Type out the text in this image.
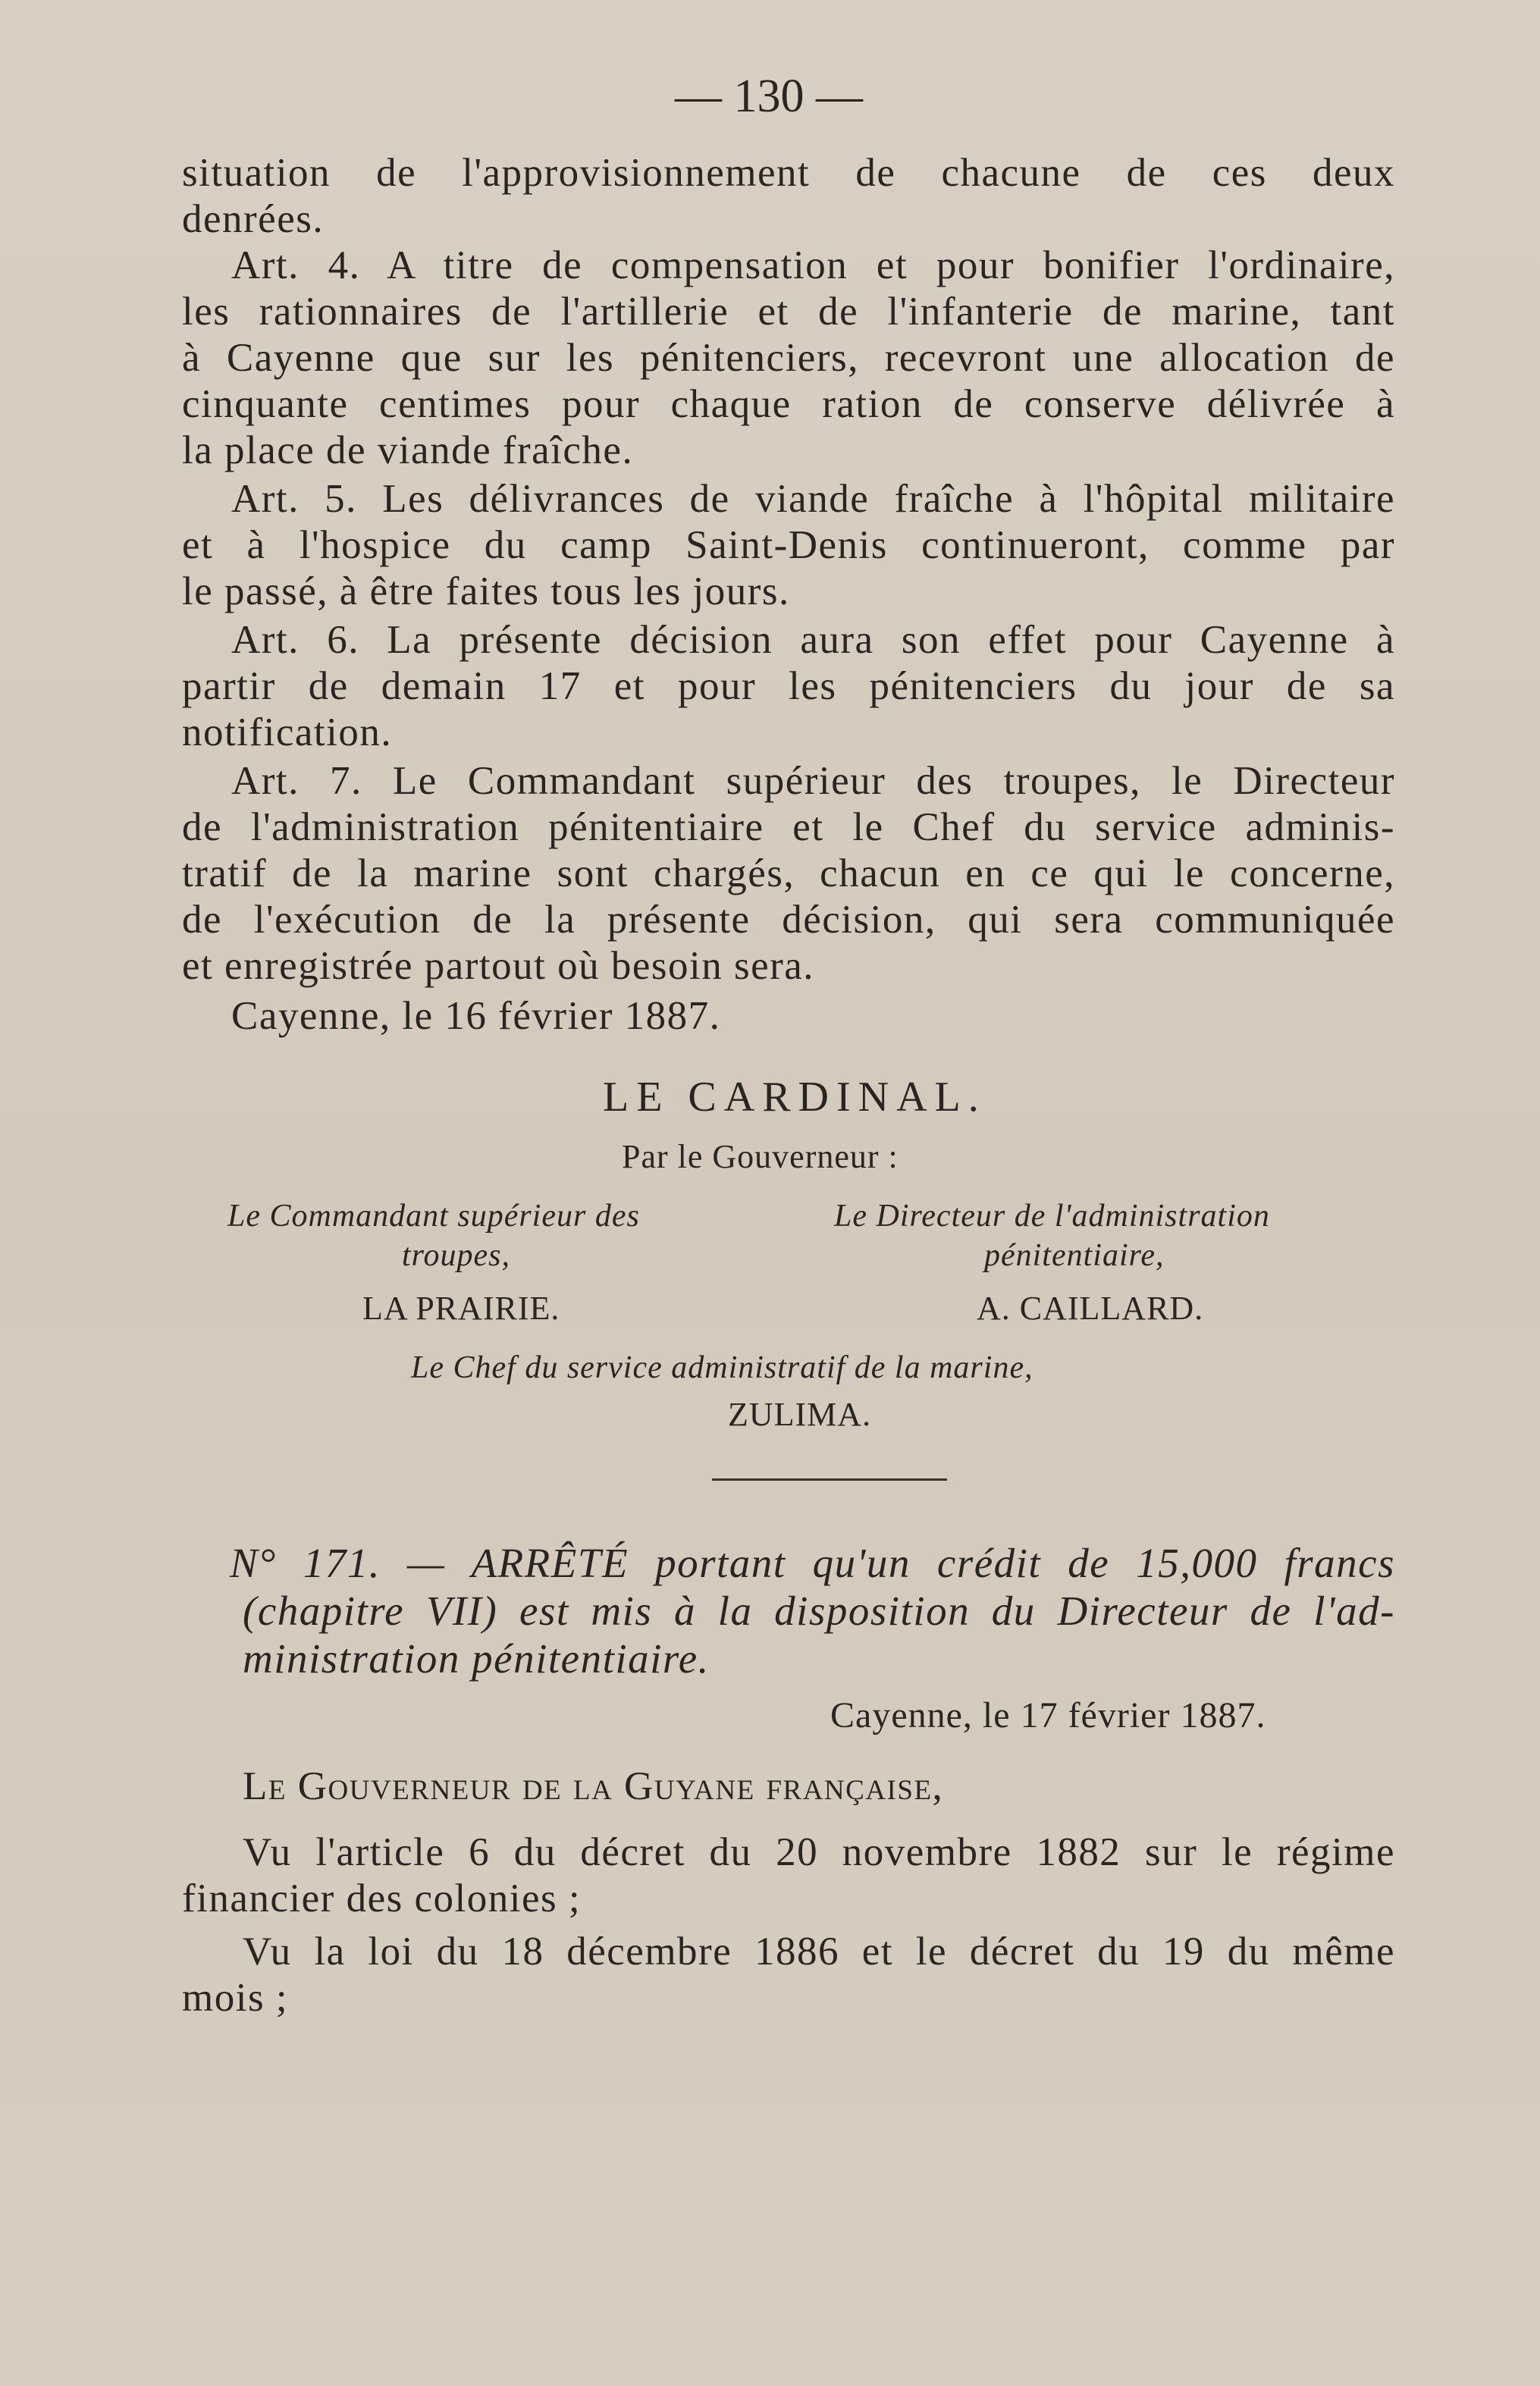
— 130 —
situation de l'approvisionnement de chacune de ces deux
denrées.
Art. 4. A titre de compensation et pour bonifier l'ordinaire,
les rationnaires de l'artillerie et de l'infanterie de marine, tant
à Cayenne que sur les pénitenciers, recevront une allocation de
cinquante centimes pour chaque ration de conserve délivrée à
la place de viande fraîche.
Art. 5. Les délivrances de viande fraîche à l'hôpital militaire
et à l'hospice du camp Saint-Denis continueront, comme par
le passé, à être faites tous les jours.
Art. 6. La présente décision aura son effet pour Cayenne à
partir de demain 17 et pour les pénitenciers du jour de sa
notification.
Art. 7. Le Commandant supérieur des troupes, le Directeur
de l'administration pénitentiaire et le Chef du service adminis-
tratif de la marine sont chargés, chacun en ce qui le concerne,
de l'exécution de la présente décision, qui sera communiquée
et enregistrée partout où besoin sera.
Cayenne, le 16 février 1887.
LE CARDINAL.
Par le Gouverneur :
Le Commandant supérieur des
troupes,
LA PRAIRIE.
Le Directeur de l'administration
pénitentiaire,
A. CAILLARD.
Le Chef du service administratif de la marine,
ZULIMA.
N° 171. — ARRÊTÉ portant qu'un crédit de 15,000 francs
(chapitre VII) est mis à la disposition du Directeur de l'ad-
ministration pénitentiaire.
Cayenne, le 17 février 1887.
Le Gouverneur de la Guyane française,
Vu l'article 6 du décret du 20 novembre 1882 sur le régime
financier des colonies ;
Vu la loi du 18 décembre 1886 et le décret du 19 du même
mois ;
